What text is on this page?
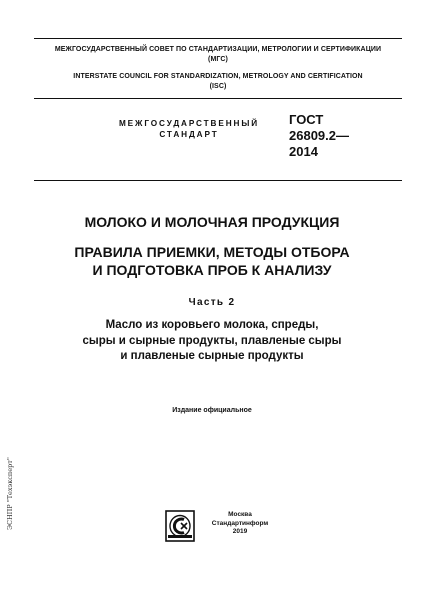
МЕЖГОСУДАРСТВЕННЫЙ СОВЕТ ПО СТАНДАРТИЗАЦИИ, МЕТРОЛОГИИ И СЕРТИФИКАЦИИ
(МГС)
INTERSTATE COUNCIL FOR STANDARDIZATION, METROLOGY AND CERTIFICATION
(ISC)
МЕЖГОСУДАРСТВЕННЫЙ
СТАНДАРТ
ГОСТ
26809.2—
2014
МОЛОКО И МОЛОЧНАЯ ПРОДУКЦИЯ
ПРАВИЛА ПРИЕМКИ, МЕТОДЫ ОТБОРА
И ПОДГОТОВКА ПРОБ К АНАЛИЗУ
Часть 2
Масло из коровьего молока, спреды,
сыры и сырные продукты, плавленые сыры
и плавленые сырные продукты
Издание официальное
Москва
Стандартинформ
2019
ЭСНПР "Техэксперт"
